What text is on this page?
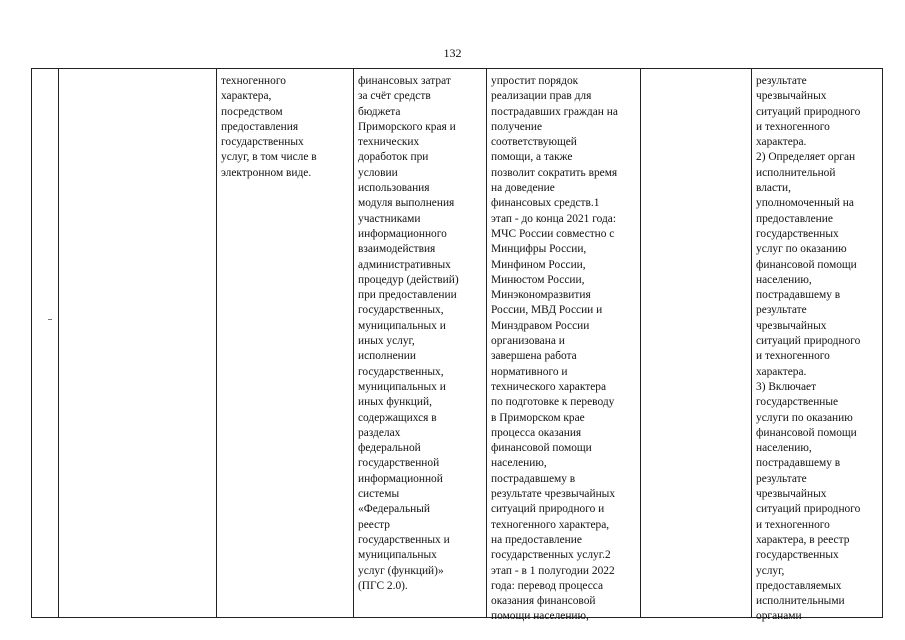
132
техногенного
характера,
посредством
предоставления
государственных
услуг, в том числе в
электронном виде.
финансовых затрат
за счёт средств
бюджета
Приморского края и
технических
доработок при
условии
использования
модуля выполнения
участниками
информационного
взаимодействия
административных
процедур (действий)
при предоставлении
государственных,
муниципальных и
иных услуг,
исполнении
государственных,
муниципальных и
иных функций,
содержащихся в
разделах
федеральной
государственной
информационной
системы
«Федеральный
реестр
государственных и
муниципальных
услуг (функций)»
(ПГС 2.0).
упростит порядок
реализации прав для
пострадавших граждан на
получение
соответствующей
помощи, а также
позволит сократить время
на доведение
финансовых средств.1
этап - до конца 2021 года:
МЧС России совместно с
Минцифры России,
Минфином России,
Минюстом России,
Минэкономразвития
России, МВД России и
Минздравом России
организована и
завершена работа
нормативного и
технического характера
по подготовке к переводу
в Приморском крае
процесса оказания
финансовой помощи
населению,
пострадавшему в
результате чрезвычайных
ситуаций природного и
техногенного характера,
на предоставление
государственных услуг.2
этап - в 1 полугодии 2022
года: перевод процесса
оказания финансовой
помощи населению,
результате
чрезвычайных
ситуаций природного
и техногенного
характера.
2) Определяет орган
исполнительной
власти,
уполномоченный на
предоставление
государственных
услуг по оказанию
финансовой помощи
населению,
пострадавшему в
результате
чрезвычайных
ситуаций природного
и техногенного
характера.
3) Включает
государственные
услуги по оказанию
финансовой помощи
населению,
пострадавшему в
результате
чрезвычайных
ситуаций природного
и техногенного
характера, в реестр
государственных
услуг,
предоставляемых
исполнительными
органами
